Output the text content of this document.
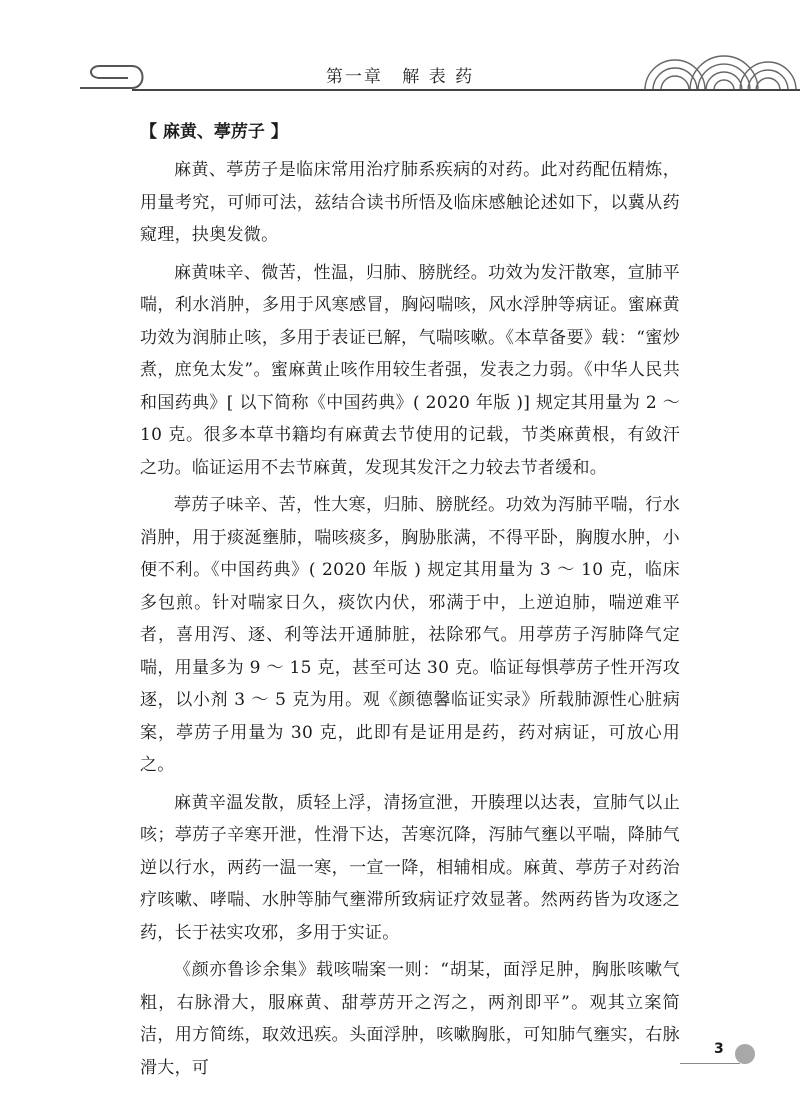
第一章 解 表 药
【 麻黄、葶苈子 】

麻黄、葶苈子是临床常用治疗肺系疾病的对药。此对药配伍精炼，用量考究，可师可法，兹结合读书所悟及临床感触论述如下，以冀从药窥理，抉奥发微。

麻黄味辛、微苦，性温，归肺、膀胱经。功效为发汗散寒，宣肺平喘，利水消肿，多用于风寒感冒，胸闷喘咳，风水浮肿等病证。蜜麻黄功效为润肺止咳，多用于表证已解，气喘咳嗽。《本草备要》载：“蜜炒煮，庶免太发”。蜜麻黄止咳作用较生者强，发表之力弱。《中华人民共和国药典》[ 以下简称《中国药典》( 2020 年版 )] 规定其用量为 2 ～ 10 克。很多本草书籍均有麻黄去节使用的记载，节类麻黄根，有敛汗之功。临证运用不去节麻黄，发现其发汗之力较去节者缓和。

葶苈子味辛、苦，性大寒，归肺、膀胱经。功效为泻肺平喘，行水消肿，用于痰涎壅肺，喘咳痰多，胸胁胀满，不得平卧，胸腹水肿，小便不利。《中国药典》( 2020 年版 ) 规定其用量为 3 ～ 10 克，临床多包煎。针对喘家日久，痰饮内伏，邪满于中，上逆迫肺，喘逆难平者，喜用泻、逐、利等法开通肺脏，祛除邪气。用葶苈子泻肺降气定喘，用量多为 9 ～ 15 克，甚至可达 30 克。临证每惧葶苈子性开泻攻逐，以小剂 3 ～ 5 克为用。观《颜德馨临证实录》所载肺源性心脏病案，葶苈子用量为 30 克，此即有是证用是药，药对病证，可放心用之。

麻黄辛温发散，质轻上浮，清扬宣泄，开腠理以达表，宣肺气以止咳；葶苈子辛寒开泄，性滑下达，苦寒沉降，泻肺气壅以平喘，降肺气逆以行水，两药一温一寒，一宣一降，相辅相成。麻黄、葶苈子对药治疗咳嗽、哮喘、水肿等肺气壅滞所致病证疗效显著。然两药皆为攻逐之药，长于祛实攻邪，多用于实证。

《颜亦鲁诊余集》载咳喘案一则：“胡某，面浮足肿，胸胀咳嗽气粗，右脉滑大，服麻黄、甜葶苈开之泻之，两剂即平”。观其立案简洁，用方简练，取效迅疾。头面浮肿，咳嗽胸胀，可知肺气壅实，右脉滑大，可

3
